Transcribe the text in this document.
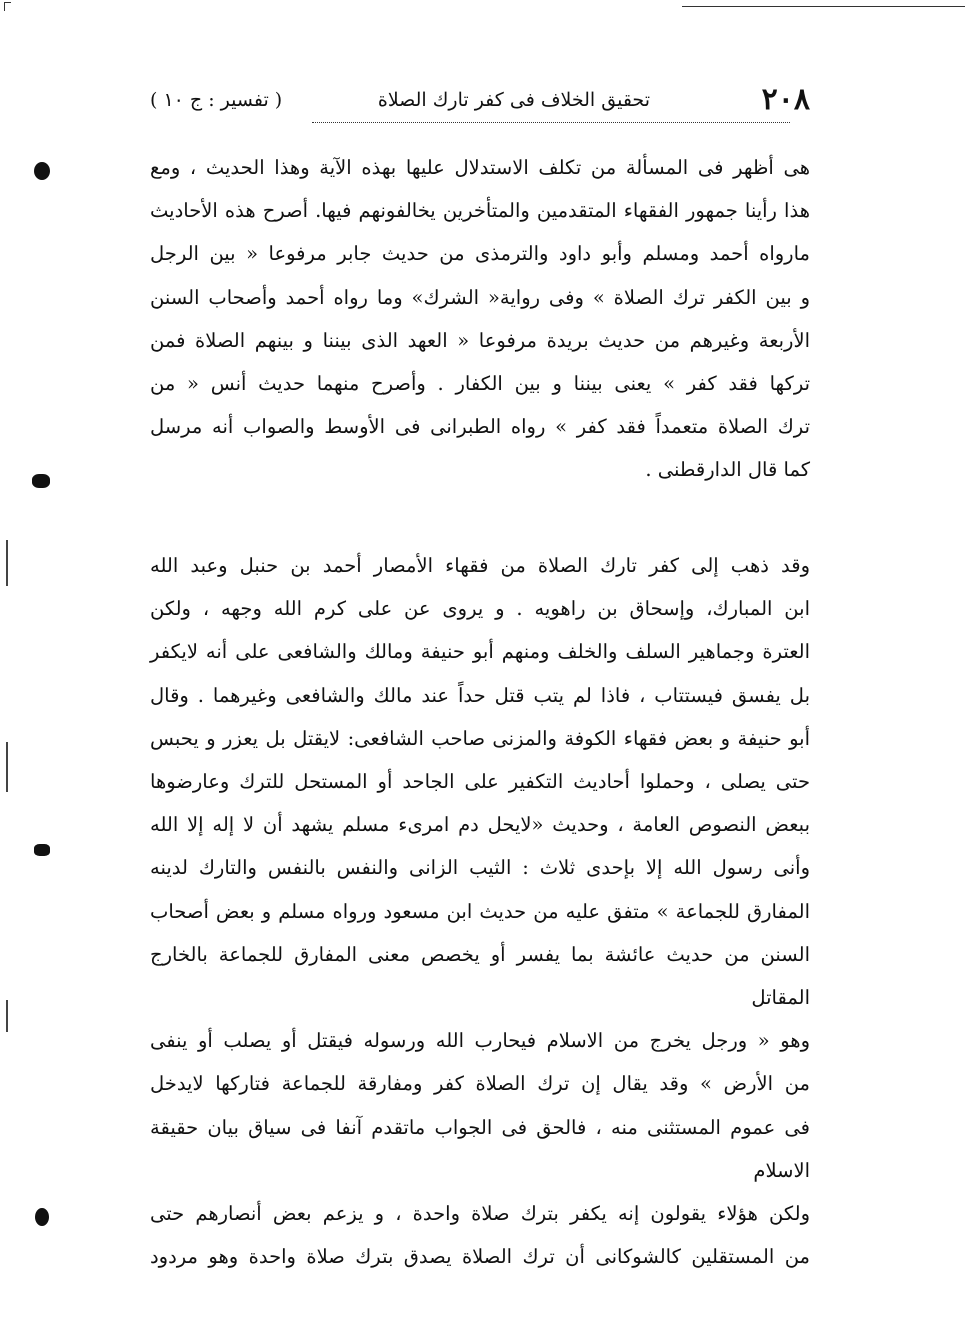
٢٠٨
تحقيق الخلاف فى كفر تارك الصلاة
( تفسير : ج ١٠ )
هى أظهر فى المسألة من تكلف الاستدلال عليها بهذه الآية وهذا الحديث ، ومع
هذا رأينا جمهور الفقهاء المتقدمين والمتأخرين يخالفونهم فيها. أصرح هذه الأحاديث
مارواه أحمد ومسلم وأبو داود والترمذى من حديث جابر مرفوعا « بين الرجل
و بين الكفر ترك الصلاة » وفى رواية« الشرك» وما رواه أحمد وأصحاب السنن
الأربعة وغيرهم من حديث بريدة مرفوعا « العهد الذى بيننا و بينهم الصلاة فمن
تركها فقد كفر » يعنى بيننا و بين الكفار . وأصرح منهما حديث أنس « من
ترك الصلاة متعمداً فقد كفر » رواه الطبرانى فى الأوسط والصواب أنه مرسل
كما قال الدارقطنى .
وقد ذهب إلى كفر تارك الصلاة من فقهاء الأمصار أحمد بن حنبل وعبد الله
ابن المبارك، وإسحاق بن راهويه . و يروى عن على كرم الله وجهه ، ولكن
العترة وجماهير السلف والخلف ومنهم أبو حنيفة ومالك والشافعى على أنه لايكفر
بل يفسق فيستتاب ، فاذا لم يتب قتل حداً عند مالك والشافعى وغيرهما . وقال
أبو حنيفة و بعض فقهاء الكوفة والمزنى صاحب الشافعى: لايقتل بل يعزر و يحبس
حتى يصلى ، وحملوا أحاديث التكفير على الجاحد أو المستحل للترك وعارضوها
ببعض النصوص العامة ، وحديث «لايحل دم امرىء مسلم يشهد أن لا إله إلا الله
وأنى رسول الله إلا بإحدى ثلاث : الثيب الزانى والنفس بالنفس والتارك لدينه
المفارق للجماعة » متفق عليه من حديث ابن مسعود ورواه مسلم و بعض أصحاب
السنن من حديث عائشة بما يفسر أو يخصص معنى المفارق للجماعة بالخارج المقاتل
وهو « ورجل يخرج من الاسلام فيحارب الله ورسوله فيقتل أو يصلب أو ينفى
من الأرض » وقد يقال إن ترك الصلاة كفر ومفارقة للجماعة فتاركها لايدخل
فى عموم المستثنى منه ، فالحق فى الجواب ماتقدم آنفا فى سياق بيان حقيقة الاسلام
ولكن هؤلاء يقولون إنه يكفر بترك صلاة واحدة ، و يزعم بعض أنصارهم حتى
من المستقلين كالشوكانى أن ترك الصلاة يصدق بترك صلاة واحدة وهو مردود
